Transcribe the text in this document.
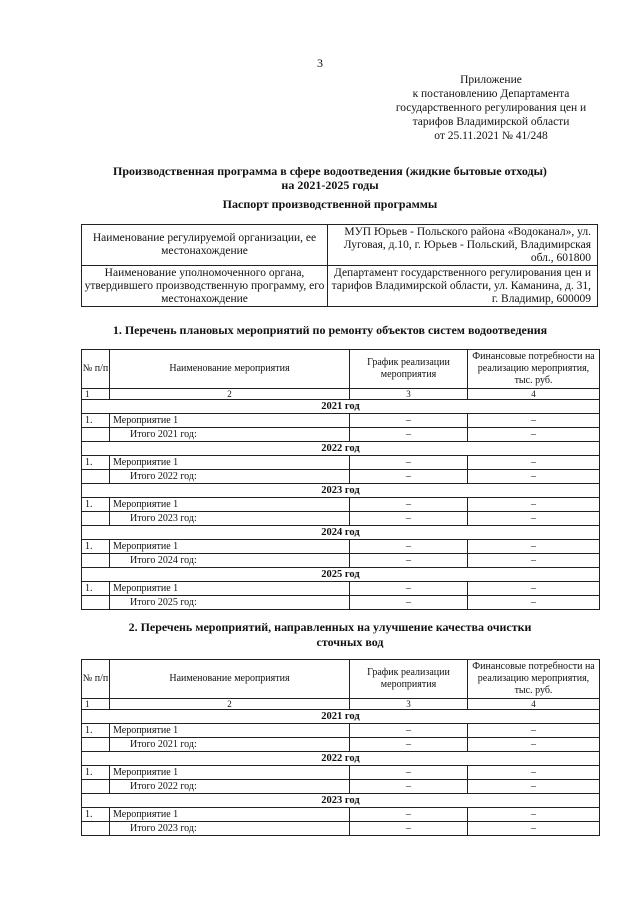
3
Приложение
к постановлению Департамента
государственного регулирования цен и
тарифов Владимирской области
от 25.11.2021 № 41/248
Производственная программа в сфере водоотведения (жидкие бытовые отходы)
на 2021-2025 годы
Паспорт производственной программы
Наименование регулируемой организации, ее местонахождение	МУП Юрьев - Польского района «Водоканал», ул. Луговая, д.10, г. Юрьев - Польский, Владимирская обл., 601800
Наименование уполномоченного органа, утвердившего производственную программу, его местонахождение	Департамент государственного регулирования цен и тарифов Владимирской области, ул. Каманина, д. 31, г. Владимир, 600009
1. Перечень плановых мероприятий по ремонту объектов систем водоотведения
№ п/п	Наименование мероприятия	График реализации мероприятия	Финансовые потребности на реализацию мероприятия, тыс. руб.
1	2	3	4
2021 год			
1.	Мероприятие 1	–	–
	Итого 2021 год:	–	–
2022 год			
1.	Мероприятие 1	–	–
	Итого 2022 год:	–	–
2023 год			
1.	Мероприятие 1	–	–
	Итого 2023 год:	–	–
2024 год			
1.	Мероприятие 1	–	–
	Итого 2024 год:	–	–
2025 год			
1.	Мероприятие 1	–	–
	Итого 2025 год:	–	–
2. Перечень мероприятий, направленных на улучшение качества очистки
сточных вод
№ п/п	Наименование мероприятия	График реализации мероприятия	Финансовые потребности на реализацию мероприятия, тыс. руб.
1	2	3	4
2021 год			
1.	Мероприятие 1	–	–
	Итого 2021 год:	–	–
2022 год			
1.	Мероприятие 1	–	–
	Итого 2022 год:	–	–
2023 год			
1.	Мероприятие 1	–	–
	Итого 2023 год:	–	–
